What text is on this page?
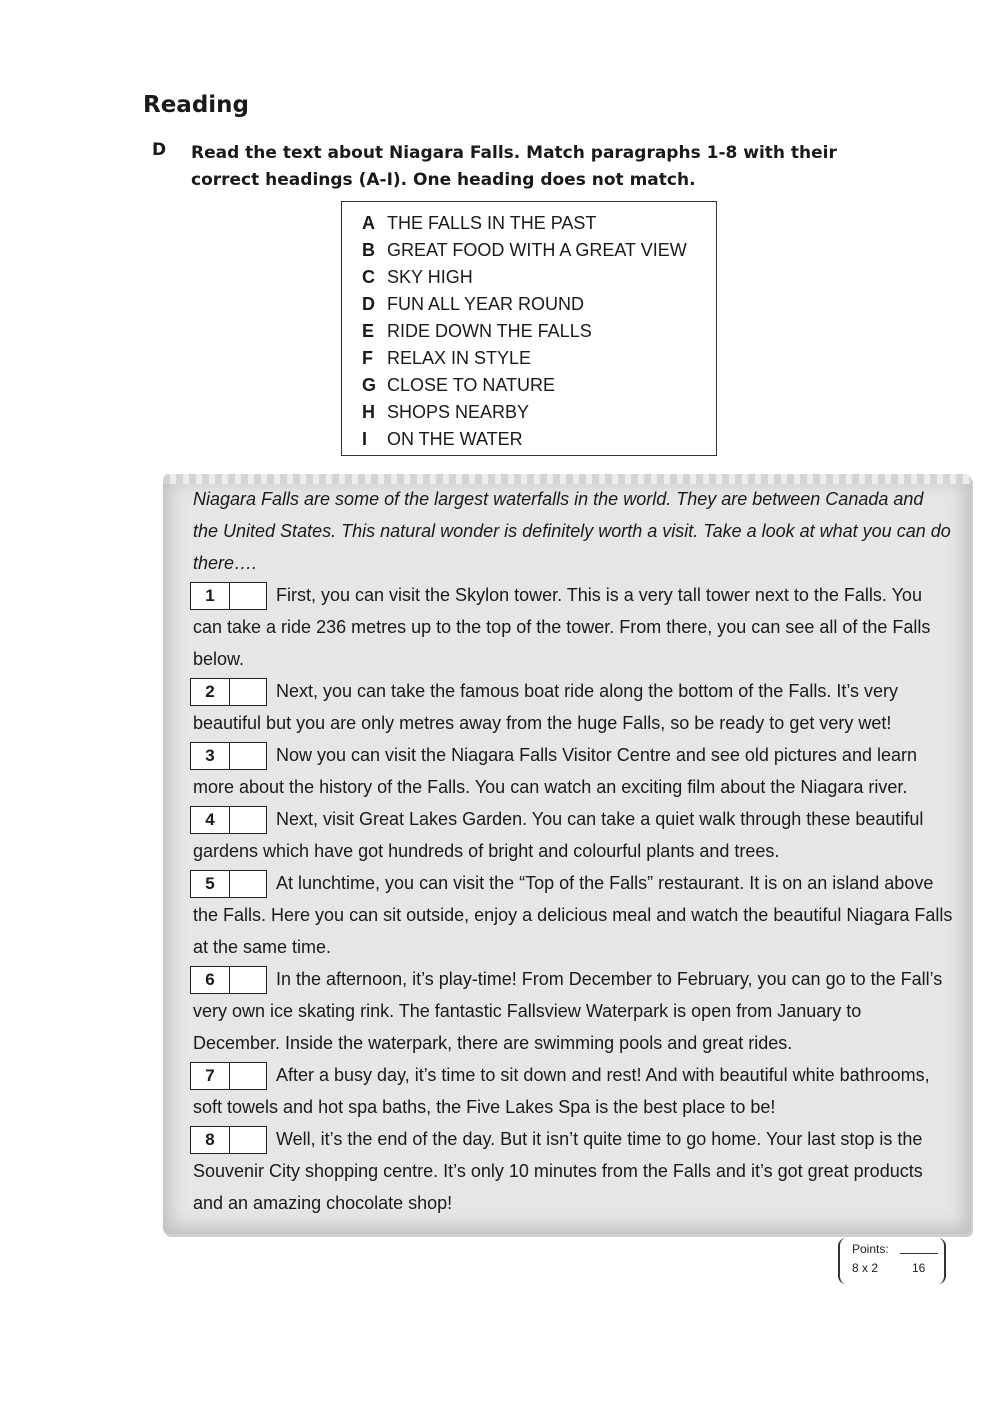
Reading
D Read the text about Niagara Falls. Match paragraphs 1-8 with their correct headings (A-I). One heading does not match.
A THE FALLS IN THE PAST
B GREAT FOOD WITH A GREAT VIEW
C SKY HIGH
D FUN ALL YEAR ROUND
E RIDE DOWN THE FALLS
F RELAX IN STYLE
G CLOSE TO NATURE
H SHOPS NEARBY
I ON THE WATER

Niagara Falls are some of the largest waterfalls in the world. They are between Canada and the United States. This natural wonder is definitely worth a visit. Take a look at what you can do there….

1	First, you can visit the Skylon tower. This is a very tall tower next to the Falls. You can take a ride 236 metres up to the top of the tower. From there, you can see all of the Falls below.

2	Next, you can take the famous boat ride along the bottom of the Falls. It’s very beautiful but you are only metres away from the huge Falls, so be ready to get very wet!

3	Now you can visit the Niagara Falls Visitor Centre and see old pictures and learn more about the history of the Falls. You can watch an exciting film about the Niagara river.

4	Next, visit Great Lakes Garden. You can take a quiet walk through these beautiful gardens which have got hundreds of bright and colourful plants and trees.

5	At lunchtime, you can visit the “Top of the Falls” restaurant. It is on an island above the Falls. Here you can sit outside, enjoy a delicious meal and watch the beautiful Niagara Falls at the same time.

6	In the afternoon, it’s play-time! From December to February, you can go to the Fall’s very own ice skating rink. The fantastic Fallsview Waterpark is open from January to December. Inside the waterpark, there are swimming pools and great rides.

7	After a busy day, it’s time to sit down and rest! And with beautiful white bathrooms, soft towels and hot spa baths, the Five Lakes Spa is the best place to be!

8	Well, it’s the end of the day. But it isn’t quite time to go home. Your last stop is the Souvenir City shopping centre. It’s only 10 minutes from the Falls and it’s got great products and an amazing chocolate shop!

Points:
8 x 2	16
